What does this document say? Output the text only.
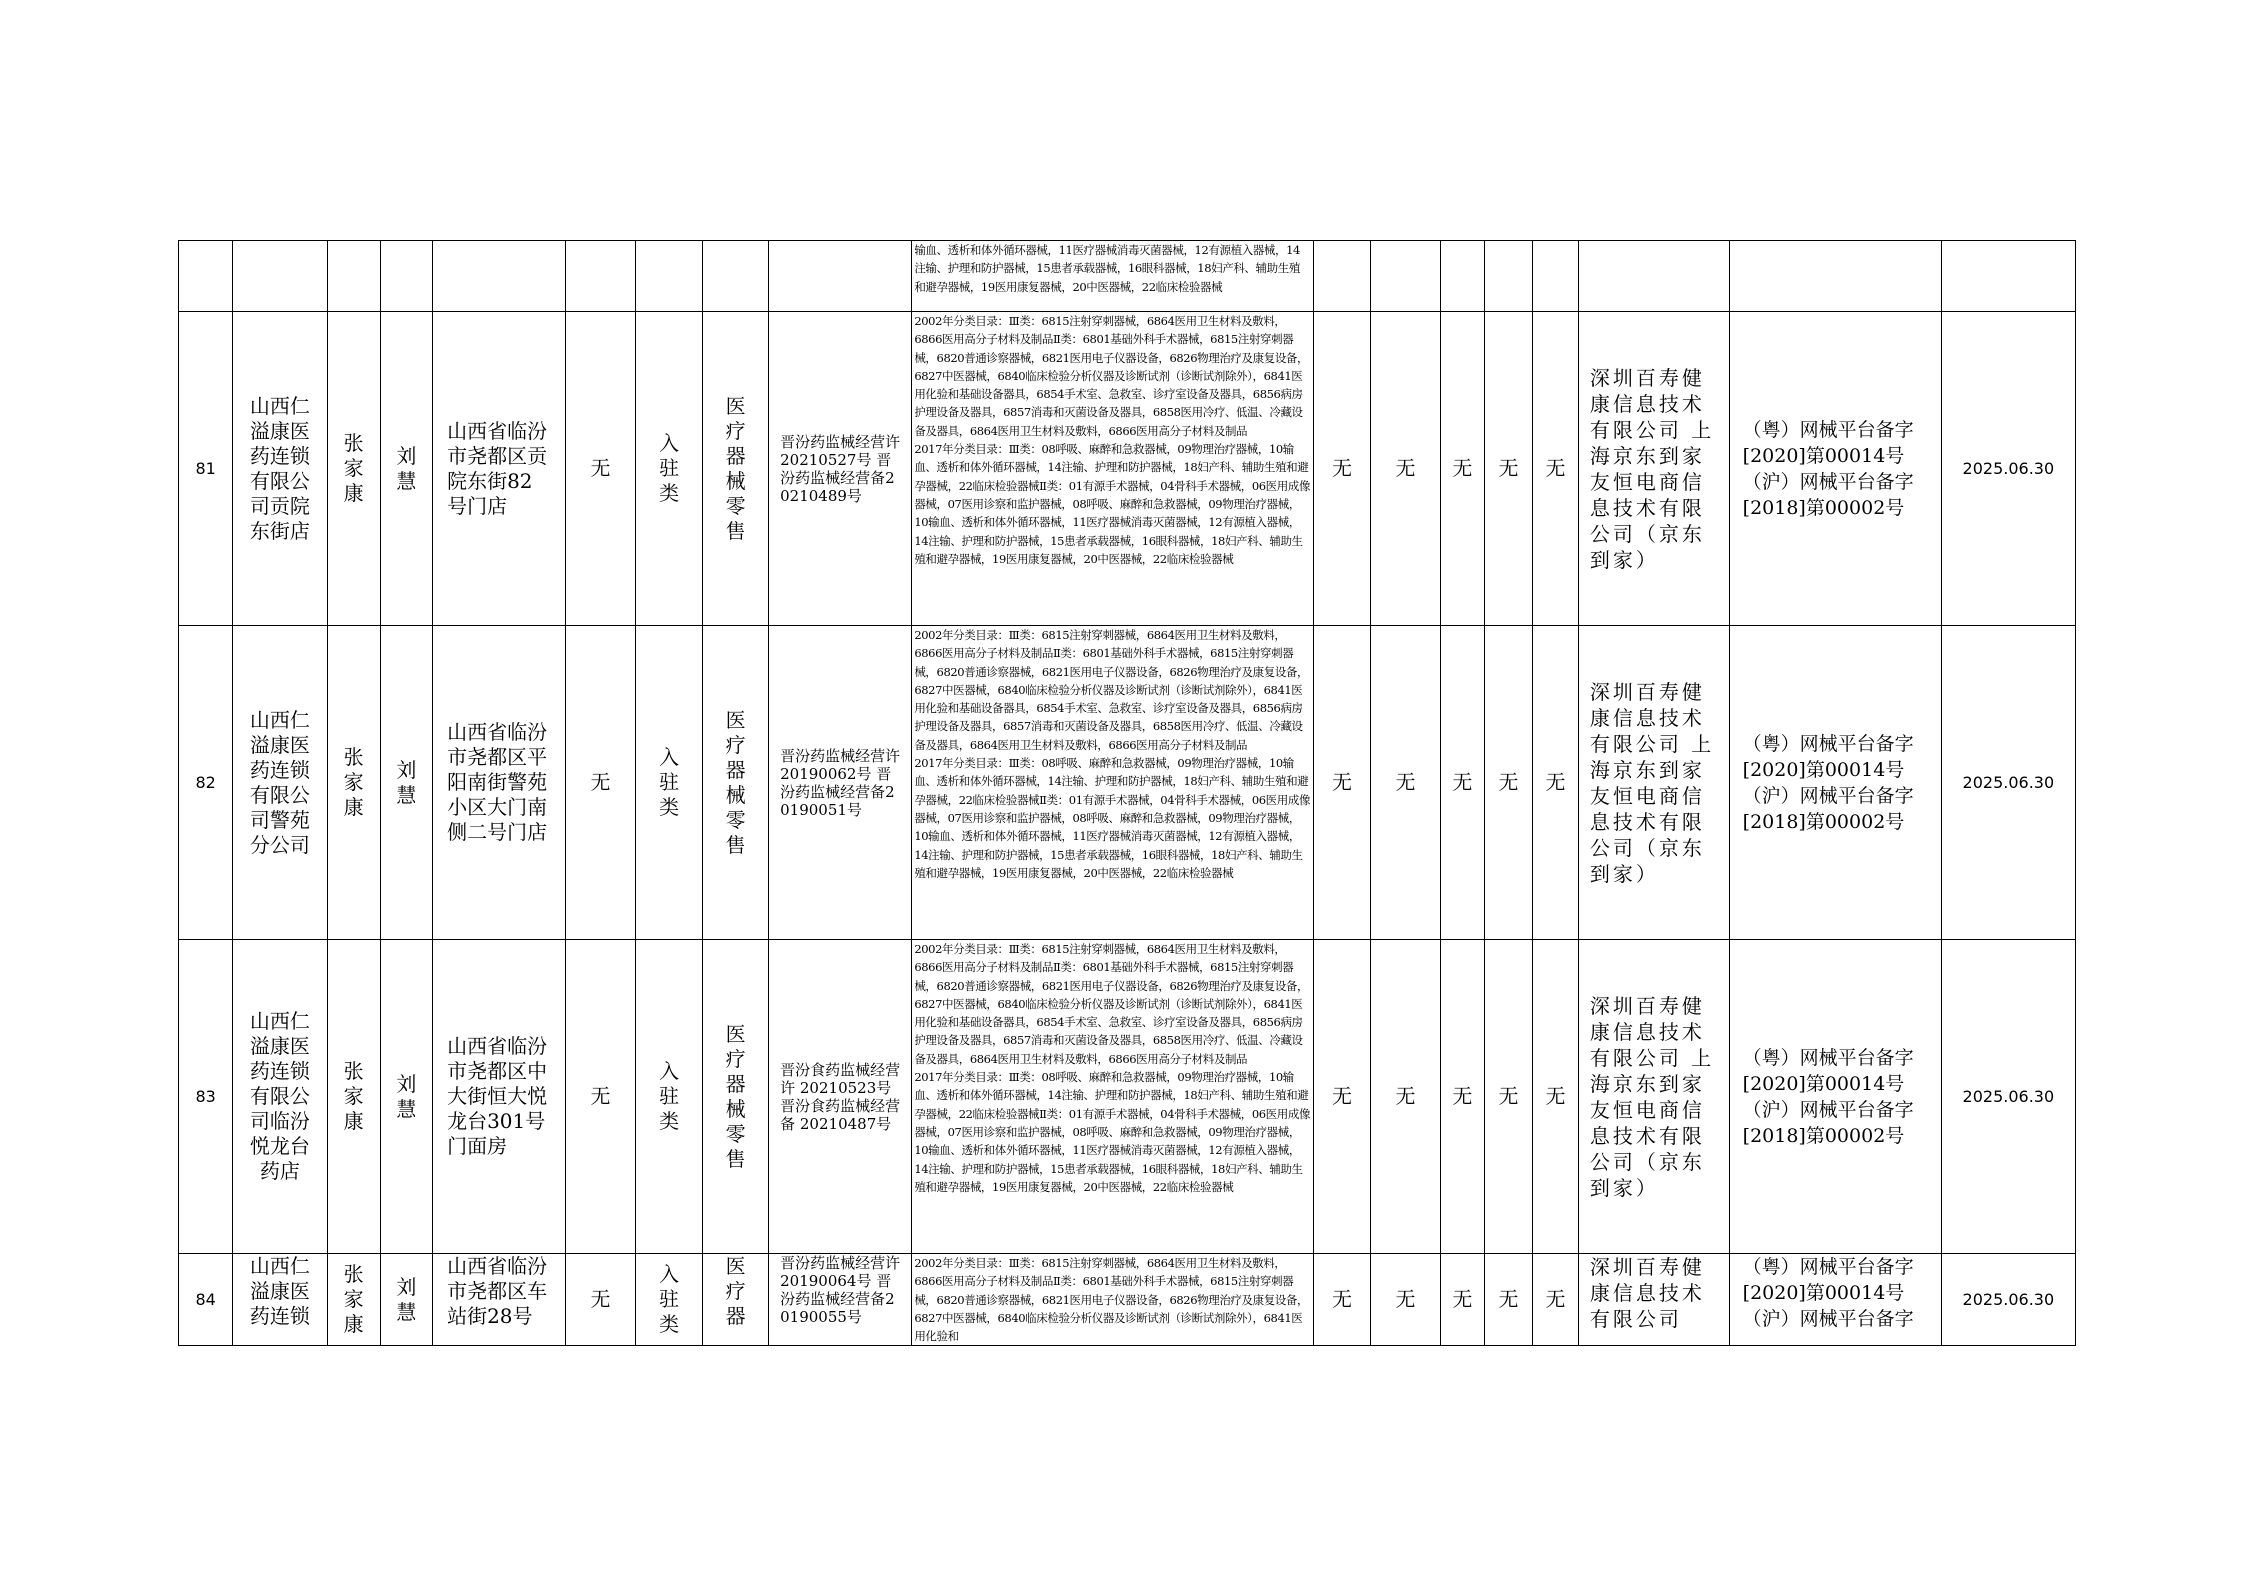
									输血、透析和体外循环器械，11医疗器械消毒灭菌器械，12有源植入器械，14注输、护理和防护器械，15患者承载器械，16眼科器械，18妇产科、辅助生殖和避孕器械，19医用康复器械，20中医器械，22临床检验器械								
81	山西仁溢康医药连锁有限公司贡院东街店	张家康	刘慧	山西省临汾市尧都区贡院东街82号门店	无	入驻类	医疗器械零售	晋汾药监械经营许 20210527号 晋汾药监械经营备20210489号	2002年分类目录：Ⅲ类：6815注射穿刺器械，6864医用卫生材料及敷料，6866医用高分子材料及制品Ⅱ类：6801基础外科手术器械，6815注射穿刺器械，6820普通诊察器械，6821医用电子仪器设备，6826物理治疗及康复设备，6827中医器械，6840临床检验分析仪器及诊断试剂（诊断试剂除外），6841医用化验和基础设备器具，6854手术室、急救室、诊疗室设备及器具，6856病房护理设备及器具，6857消毒和灭菌设备及器具，6858医用冷疗、低温、冷藏设备及器具，6864医用卫生材料及敷料，6866医用高分子材料及制品
2017年分类目录：Ⅲ类：08呼吸、麻醉和急救器械，09物理治疗器械，10输血、透析和体外循环器械，14注输、护理和防护器械，18妇产科、辅助生殖和避孕器械，22临床检验器械Ⅱ类：01有源手术器械，04骨科手术器械，06医用成像器械，07医用诊察和监护器械，08呼吸、麻醉和急救器械，09物理治疗器械，10输血、透析和体外循环器械，11医疗器械消毒灭菌器械，12有源植入器械，14注输、护理和防护器械，15患者承载器械，16眼科器械，18妇产科、辅助生殖和避孕器械，19医用康复器械，20中医器械，22临床检验器械	无	无	无	无	无	深圳百寿健康信息技术有限公司 上海京东到家友恒电商信息技术有限公司（京东到家）	（粤）网械平台备字[2020]第00014号 （沪）网械平台备字[2018]第00002号	2025.06.30
82	山西仁溢康医药连锁有限公司警苑分公司	张家康	刘慧	山西省临汾市尧都区平阳南街警苑小区大门南侧二号门店	无	入驻类	医疗器械零售	晋汾药监械经营许 20190062号 晋汾药监械经营备20190051号	2002年分类目录：Ⅲ类：6815注射穿刺器械，6864医用卫生材料及敷料，6866医用高分子材料及制品Ⅱ类：6801基础外科手术器械，6815注射穿刺器械，6820普通诊察器械，6821医用电子仪器设备，6826物理治疗及康复设备，6827中医器械，6840临床检验分析仪器及诊断试剂（诊断试剂除外），6841医用化验和基础设备器具，6854手术室、急救室、诊疗室设备及器具，6856病房护理设备及器具，6857消毒和灭菌设备及器具，6858医用冷疗、低温、冷藏设备及器具，6864医用卫生材料及敷料，6866医用高分子材料及制品
2017年分类目录：Ⅲ类：08呼吸、麻醉和急救器械，09物理治疗器械，10输血、透析和体外循环器械，14注输、护理和防护器械，18妇产科、辅助生殖和避孕器械，22临床检验器械Ⅱ类：01有源手术器械，04骨科手术器械，06医用成像器械，07医用诊察和监护器械，08呼吸、麻醉和急救器械，09物理治疗器械，10输血、透析和体外循环器械，11医疗器械消毒灭菌器械，12有源植入器械，14注输、护理和防护器械，15患者承载器械，16眼科器械，18妇产科、辅助生殖和避孕器械，19医用康复器械，20中医器械，22临床检验器械	无	无	无	无	无	深圳百寿健康信息技术有限公司 上海京东到家友恒电商信息技术有限公司（京东到家）	（粤）网械平台备字[2020]第00014号 （沪）网械平台备字[2018]第00002号	2025.06.30
83	山西仁溢康医药连锁有限公司临汾悦龙台药店	张家康	刘慧	山西省临汾市尧都区中大街恒大悦龙台301号门面房	无	入驻类	医疗器械零售	晋汾食药监械经营许 20210523号晋汾食药监械经营备 20210487号	2002年分类目录：Ⅲ类：6815注射穿刺器械，6864医用卫生材料及敷料，6866医用高分子材料及制品Ⅱ类：6801基础外科手术器械，6815注射穿刺器械，6820普通诊察器械，6821医用电子仪器设备，6826物理治疗及康复设备，6827中医器械，6840临床检验分析仪器及诊断试剂（诊断试剂除外），6841医用化验和基础设备器具，6854手术室、急救室、诊疗室设备及器具，6856病房护理设备及器具，6857消毒和灭菌设备及器具，6858医用冷疗、低温、冷藏设备及器具，6864医用卫生材料及敷料，6866医用高分子材料及制品
2017年分类目录：Ⅲ类：08呼吸、麻醉和急救器械，09物理治疗器械，10输血、透析和体外循环器械，14注输、护理和防护器械，18妇产科、辅助生殖和避孕器械，22临床检验器械Ⅱ类：01有源手术器械，04骨科手术器械，06医用成像器械，07医用诊察和监护器械，08呼吸、麻醉和急救器械，09物理治疗器械，10输血、透析和体外循环器械，11医疗器械消毒灭菌器械，12有源植入器械，14注输、护理和防护器械，15患者承载器械，16眼科器械，18妇产科、辅助生殖和避孕器械，19医用康复器械，20中医器械，22临床检验器械	无	无	无	无	无	深圳百寿健康信息技术有限公司 上海京东到家友恒电商信息技术有限公司（京东到家）	（粤）网械平台备字[2020]第00014号 （沪）网械平台备字[2018]第00002号	2025.06.30
84	山西仁溢康医药连锁	张家康	刘慧	山西省临汾市尧都区车站街28号	无	入驻类	医疗器	晋汾药监械经营许 20190064号 晋汾药监械经营备20190055号	2002年分类目录：Ⅲ类：6815注射穿刺器械，6864医用卫生材料及敷料，6866医用高分子材料及制品Ⅱ类：6801基础外科手术器械，6815注射穿刺器械，6820普通诊察器械，6821医用电子仪器设备，6826物理治疗及康复设备，6827中医器械，6840临床检验分析仪器及诊断试剂（诊断试剂除外），6841医用化验和	无	无	无	无	无	深圳百寿健康信息技术有限公司	（粤）网械平台备字[2020]第00014号 （沪）网械平台备字	2025.06.30
